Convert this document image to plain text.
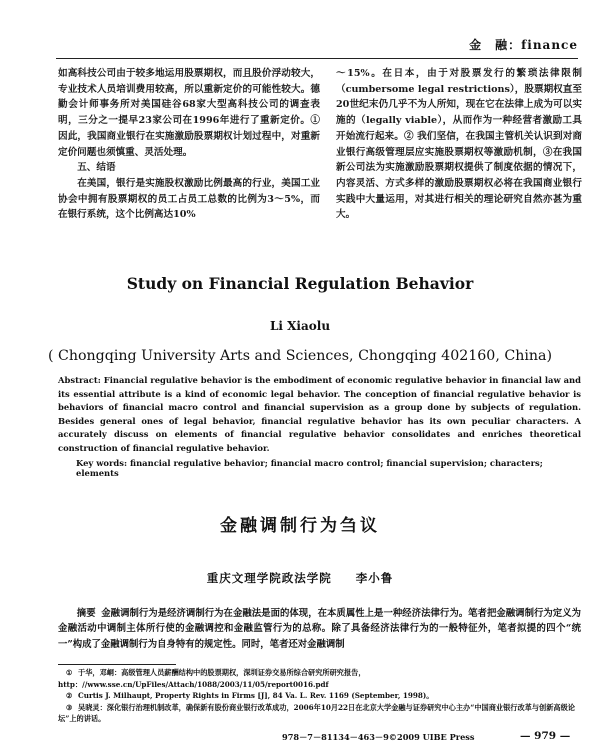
金　融：finance

如高科技公司由于较多地运用股票期权，而且股价浮动较大，专业技术人员培训费用较高，所以重新定价的可能性较大。德勤会计师事务所对美国硅谷68家大型高科技公司的调查表明，三分之一提早23家公司在1996年进行了重新定价。① 因此，我国商业银行在实施激励股票期权计划过程中，对重新定价问题也须慎重、灵活处理。

五、结语

在美国，银行是实施股权激励比例最高的行业，美国工业协会中拥有股票期权的员工占员工总数的比例为3～5%，而在银行系统，这个比例高达10%

～15%。在日本，由于对股票发行的繁琐法律限制（cumbersome legal restrictions），股票期权直至20世纪末仍几乎不为人所知，现在它在法律上成为可以实施的（legally viable），从而作为一种经营者激励工具开始流行起来。② 我们坚信，在我国主管机关认识到对商业银行高级管理层应实施股票期权等激励机制，③在我国新公司法为实施激励股票期权提供了制度依据的情况下，内容灵活、方式多样的激励股票期权必将在我国商业银行实践中大量运用，对其进行相关的理论研究自然亦甚为重大。

Study on Financial Regulation Behavior
Li Xiaolu
( Chongqing University Arts and Sciences, Chongqing 402160, China)
Abstract: Financial regulative behavior is the embodiment of economic regulative behavior in financial law and its essential attribute is a kind of economic legal behavior. The conception of financial regulative behavior is behaviors of financial macro control and financial supervision as a group done by subjects of regulation. Besides general ones of legal behavior, financial regulative behavior has its own peculiar characters. A accurately discuss on elements of financial regulative behavior consolidates and enriches theoretical construction of financial regulative behavior.
Key words: financial regulative behavior; financial macro control; financial supervision; characters; elements
金融调制行为刍议
重庆文理学院政法学院 李小鲁
摘要 金融调制行为是经济调制行为在金融法是面的体现，在本质属性上是一种经济法律行为。笔者把金融调制行为定义为金融活动中调制主体所行使的金融调控和金融监管行为的总称。除了具备经济法律行为的一般特征外，笔者拟提的四个“统一”构成了金融调制行为自身特有的规定性。同时，笔者还对金融调制

① 于华，邓峒：高级管理人员薪酬结构中的股票期权，深圳证券交易所综合研究所研究报告，http：//www.sse.cn/UpFiles/Attach/1088/2003/11/05/report0016.pdf

② Curtis J. Milhaupt, Property Rights in Firms [J], 84 Va. L. Rev. 1169 (September, 1998)。

③ 吴晓灵：深化银行治理机制改革，确保新有股份商业银行改革成功，2006年10月22日在北京大学金融与证券研究中心主办“中国商业银行改革与创新高级论坛”上的讲话。

978－7－81134－463－9©2009 UIBE Press	— 979 —
